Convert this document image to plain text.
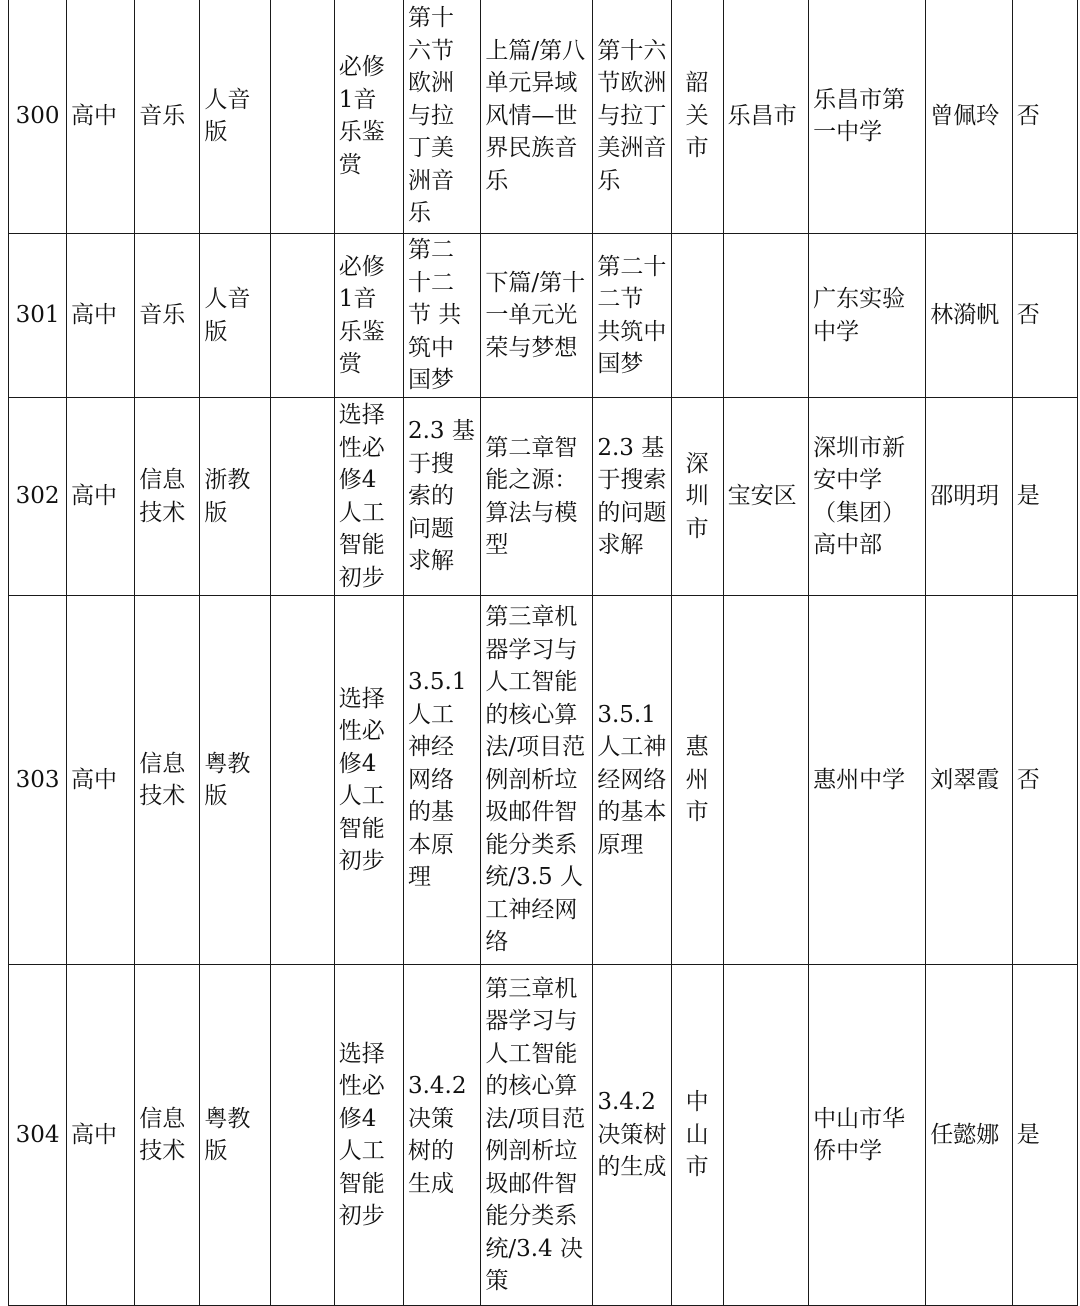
300	高中	音乐	人音版		必修1音乐鉴赏	第十六节欧洲与拉丁美洲音乐	上篇/第八单元异域风情—世界民族音乐	第十六节欧洲与拉丁美洲音乐	韶关市	乐昌市	乐昌市第一中学	曾佩玲	否
301	高中	音乐	人音版		必修1音乐鉴赏	第二十二节 共筑中国梦	下篇/第十一单元光荣与梦想	第二十二节 共筑中国梦			广东实验中学	林漪帆	否
302	高中	信息技术	浙教版		选择性必修4人工智能初步	2.3 基于搜索的问题求解	第二章智能之源：算法与模型	2.3 基于搜索的问题求解	深圳市	宝安区	深圳市新安中学（集团）高中部	邵明玥	是
303	高中	信息技术	粤教版		选择性必修4人工智能初步	3.5.1 人工神经网络的基本原理	第三章机器学习与人工智能的核心算法/项目范例剖析垃圾邮件智能分类系统/3.5 人工神经网络	3.5.1 人工神经网络的基本原理	惠州市		惠州中学	刘翠霞	否
304	高中	信息技术	粤教版		选择性必修4人工智能初步	3.4.2 决策树的生成	第三章机器学习与人工智能的核心算法/项目范例剖析垃圾邮件智能分类系统/3.4 决策	3.4.2 决策树的生成	中山市		中山市华侨中学	任懿娜	是
